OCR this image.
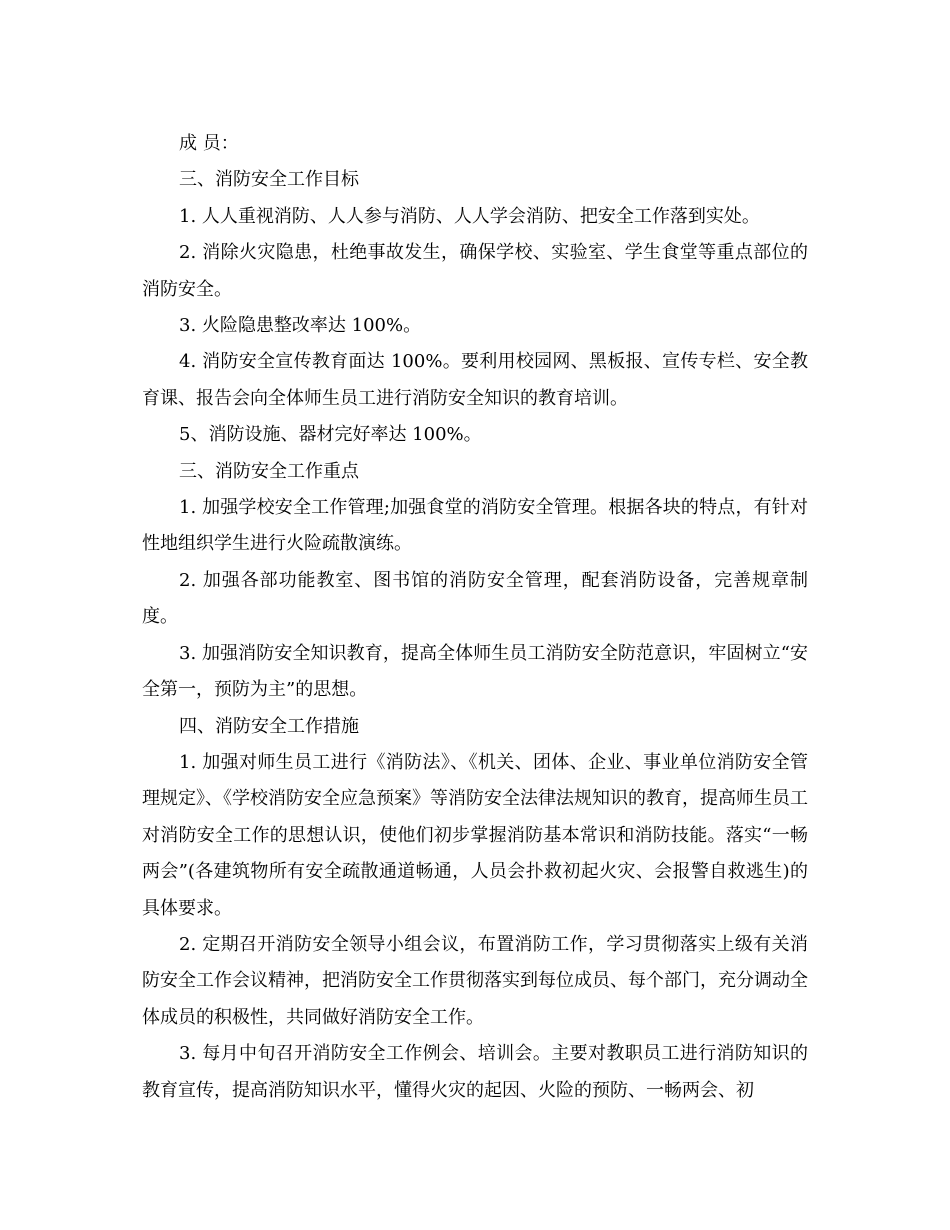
成 员：

三、消防安全工作目标

1. 人人重视消防、人人参与消防、人人学会消防、把安全工作落到实处。

2. 消除火灾隐患，杜绝事故发生，确保学校、实验室、学生食堂等重点部位的消防安全。

3. 火险隐患整改率达 100%。

4. 消防安全宣传教育面达 100%。要利用校园网、黑板报、宣传专栏、安全教育课、报告会向全体师生员工进行消防安全知识的教育培训。

5、消防设施、器材完好率达 100%。

三、消防安全工作重点

1. 加强学校安全工作管理;加强食堂的消防安全管理。根据各块的特点，有针对性地组织学生进行火险疏散演练。

2. 加强各部功能教室、图书馆的消防安全管理，配套消防设备，完善规章制度。

3. 加强消防安全知识教育，提高全体师生员工消防安全防范意识，牢固树立“安全第一，预防为主”的思想。

四、消防安全工作措施

1. 加强对师生员工进行《消防法》、《机关、团体、企业、事业单位消防安全管理规定》、《学校消防安全应急预案》等消防安全法律法规知识的教育，提高师生员工对消防安全工作的思想认识，使他们初步掌握消防基本常识和消防技能。落实“一畅两会”(各建筑物所有安全疏散通道畅通，人员会扑救初起火灾、会报警自救逃生)的具体要求。

2. 定期召开消防安全领导小组会议，布置消防工作，学习贯彻落实上级有关消防安全工作会议精神，把消防安全工作贯彻落实到每位成员、每个部门，充分调动全体成员的积极性，共同做好消防安全工作。

3. 每月中旬召开消防安全工作例会、培训会。主要对教职员工进行消防知识的教育宣传，提高消防知识水平，懂得火灾的起因、火险的预防、一畅两会、初
